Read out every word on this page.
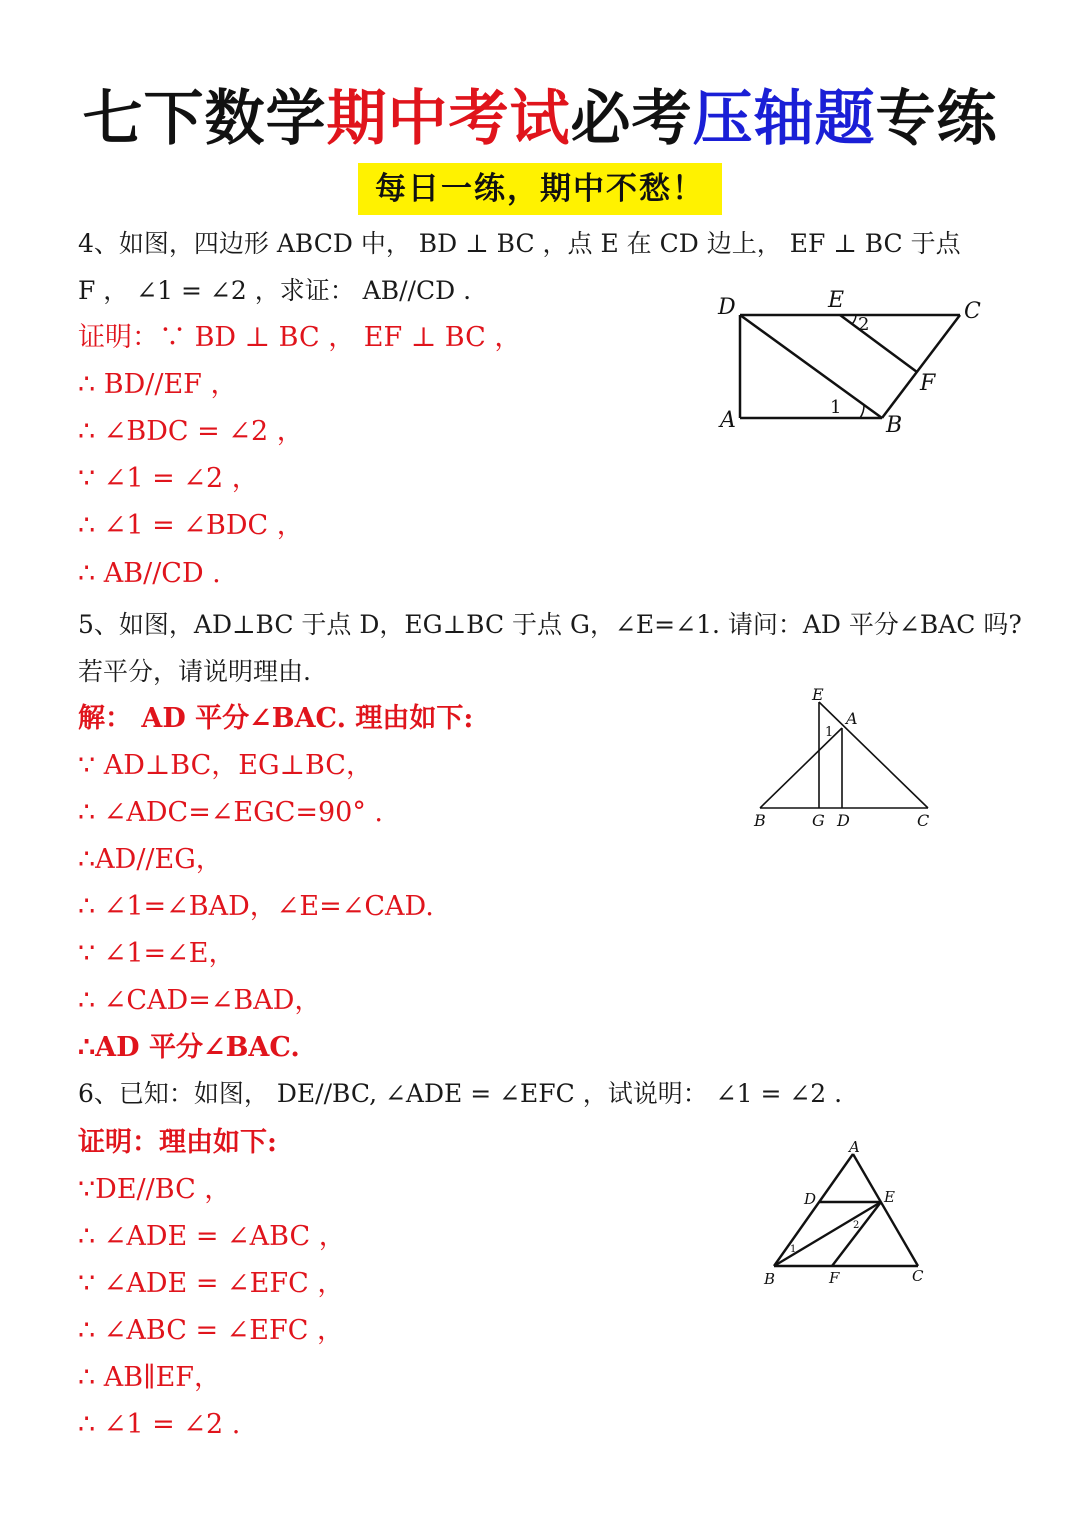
七下数学期中考试必考压轴题专练
每日一练，期中不愁！
4、如图，四边形 ABCD 中， BD ⊥ BC ，点 E 在 CD 边上， EF ⊥ BC 于点
F ， ∠1 = ∠2 ，求证： AB//CD .
证明：∵ BD ⊥ BC ， EF ⊥ BC ，
∴ BD//EF ，
∴ ∠BDC = ∠2 ，
∵ ∠1 = ∠2 ，
∴ ∠1 = ∠BDC ，
∴ AB//CD .
D	E	C
A	B
F
1
2
5、如图，AD⊥BC 于点 D，EG⊥BC 于点 G，∠E=∠1. 请问：AD 平分∠BAC 吗?
若平分，请说明理由.
解： AD 平分∠BAC. 理由如下:
∵ AD⊥BC，EG⊥BC，
∴ ∠ADC=∠EGC=90° .
∴AD//EG，
∴ ∠1=∠BAD，∠E=∠CAD.
∵ ∠1=∠E，
∴ ∠CAD=∠BAD，
∴AD 平分∠BAC.
E
A
1
B	G D	C
6、已知：如图， DE//BC, ∠ADE = ∠EFC ，试说明： ∠1 = ∠2 .
证明：理由如下:
∵DE//BC ，
∴ ∠ADE = ∠ABC ，
∵ ∠ADE = ∠EFC ，
∴ ∠ABC = ∠EFC ，
∴ AB∥EF，
∴ ∠1 = ∠2 .
A
D	E
2
1
B	F	C
